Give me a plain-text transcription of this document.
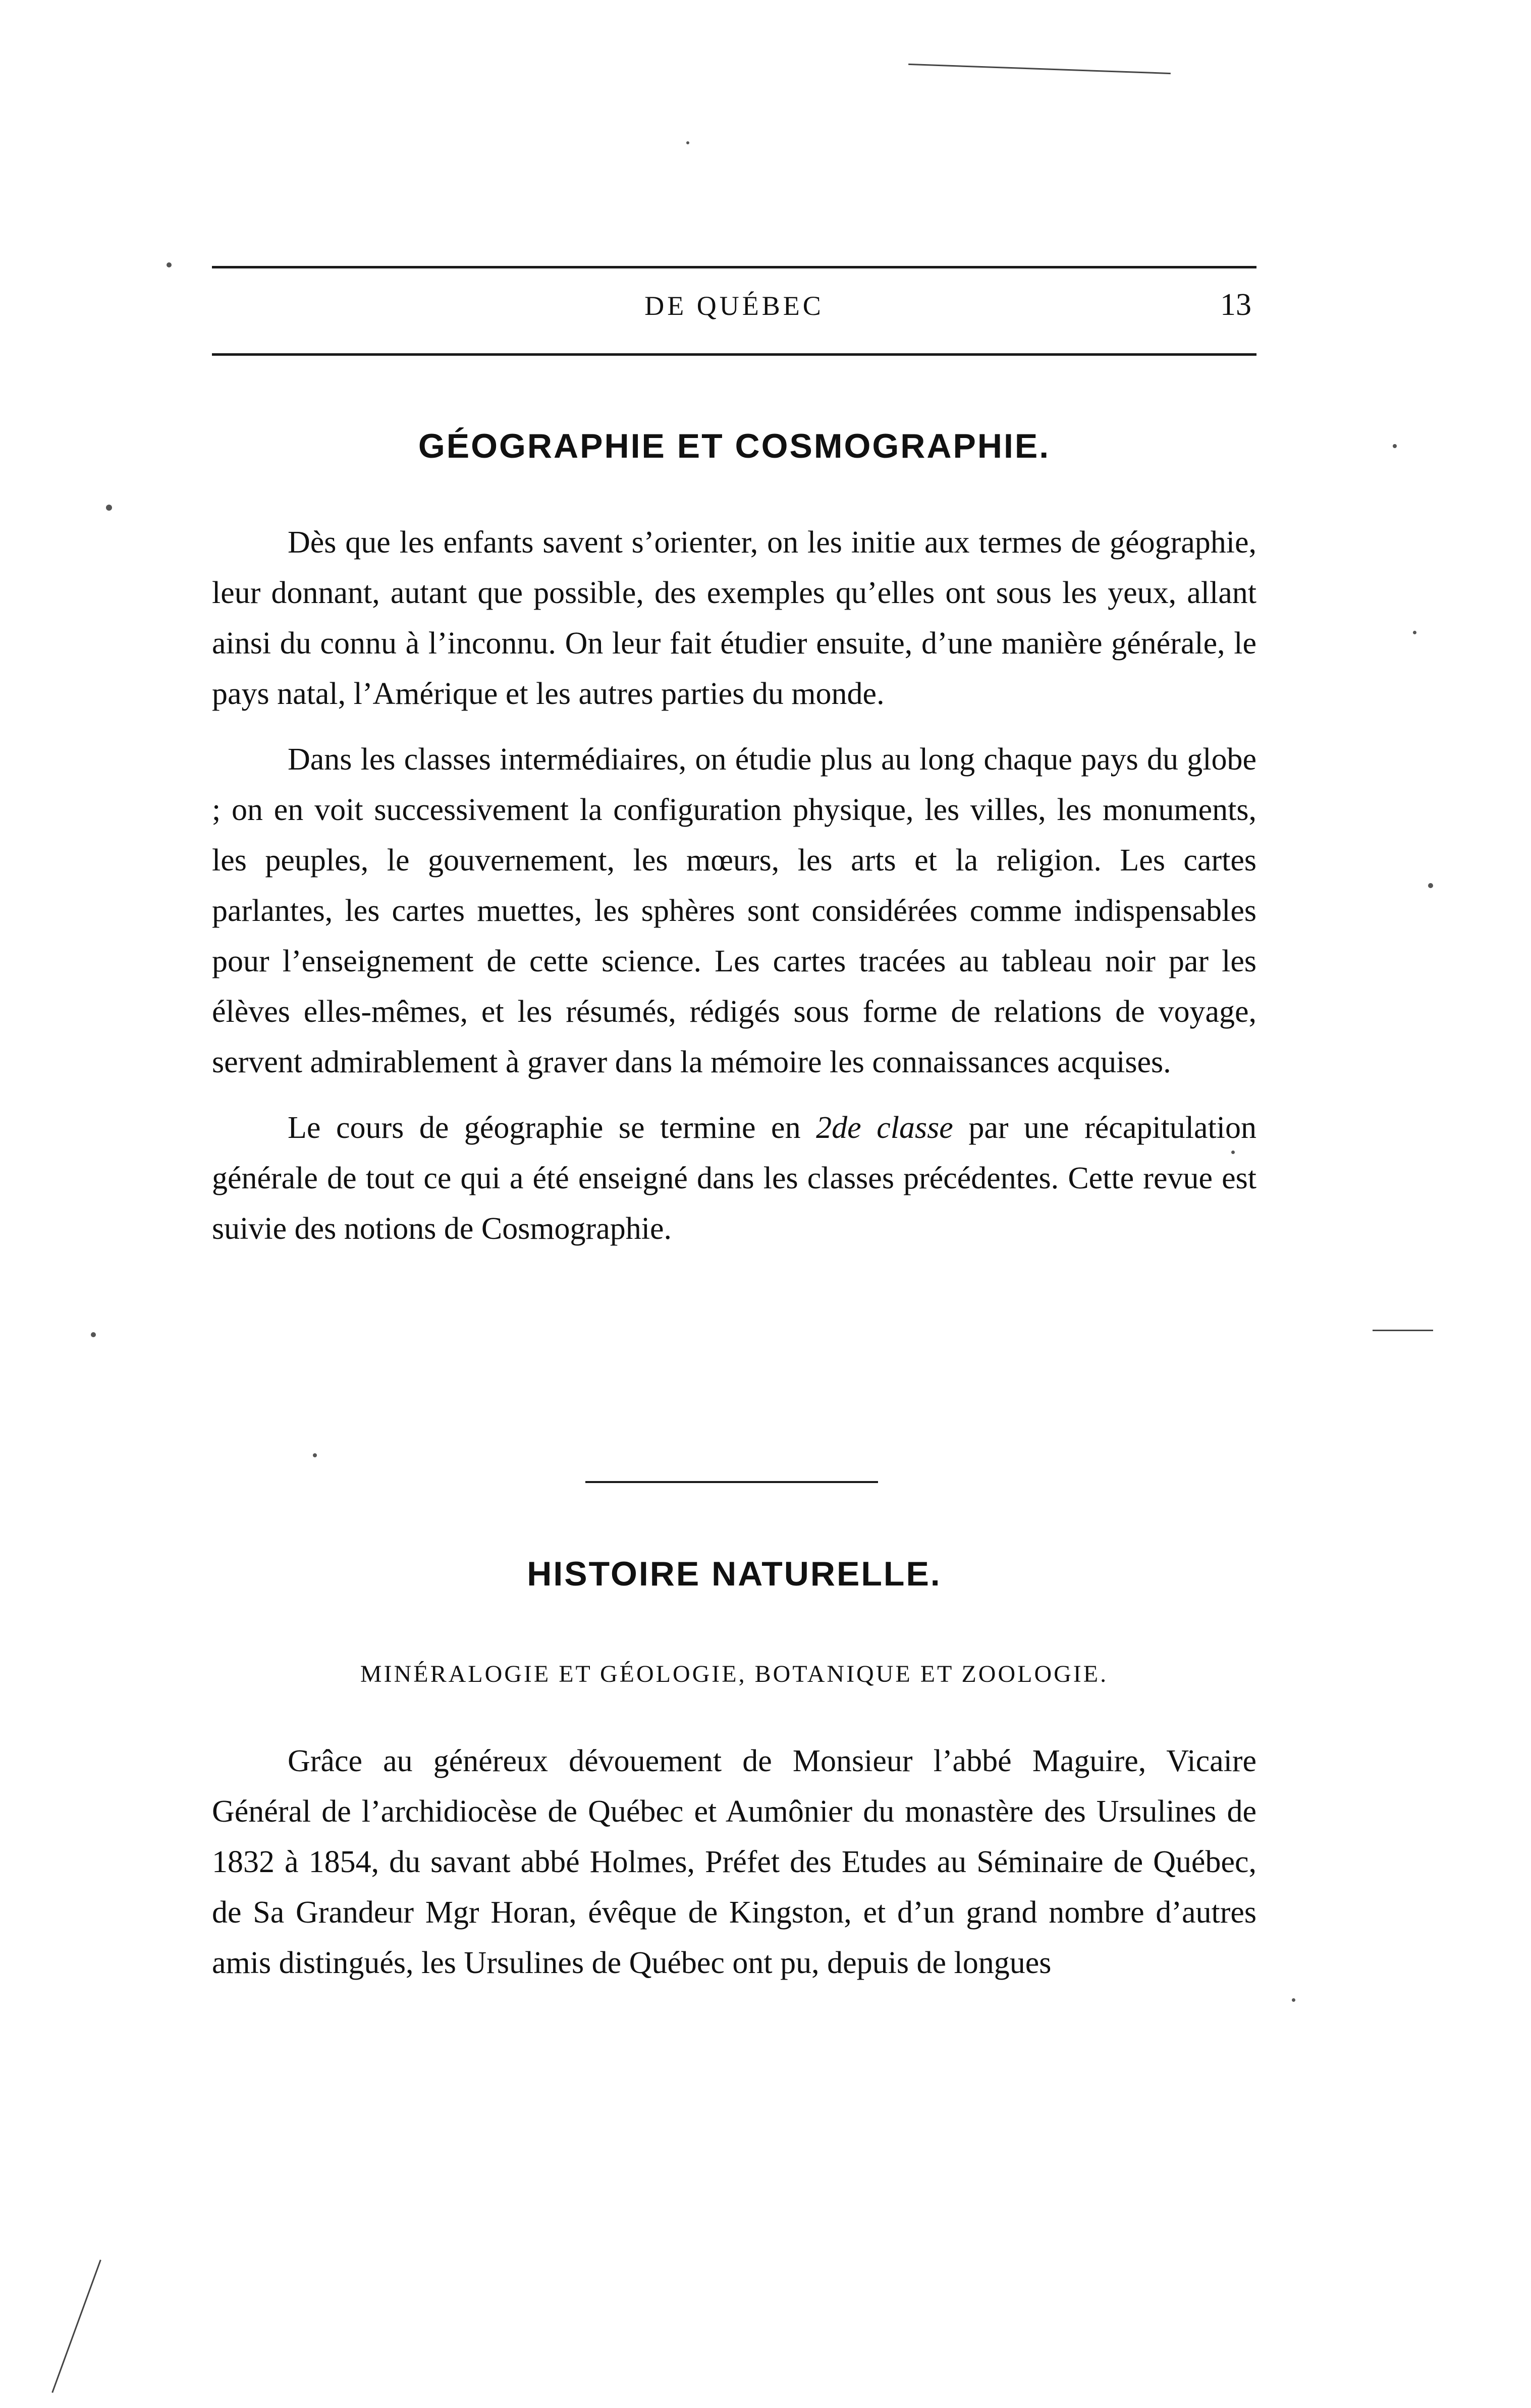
DE QUÉBEC	13
GÉOGRAPHIE ET COSMOGRAPHIE.

Dès que les enfants savent s’orienter, on les initie aux termes de géographie, leur donnant, autant que possible, des exemples qu’elles ont sous les yeux, allant ainsi du connu à l’inconnu. On leur fait étudier ensuite, d’une manière générale, le pays natal, l’Amérique et les autres parties du monde.

Dans les classes intermédiaires, on étudie plus au long chaque pays du globe ; on en voit successivement la configuration physique, les villes, les monuments, les peuples, le gouvernement, les mœurs, les arts et la religion. Les cartes parlantes, les cartes muettes, les sphères sont considérées comme indispensables pour l’enseignement de cette science. Les cartes tracées au tableau noir par les élèves elles-mêmes, et les résumés, rédigés sous forme de relations de voyage, servent admirablement à graver dans la mémoire les connaissances acquises.

Le cours de géographie se termine en 2de classe par une récapitulation générale de tout ce qui a été enseigné dans les classes précédentes. Cette revue est suivie des notions de Cosmographie.

HISTOIRE NATURELLE.
MINÉRALOGIE ET GÉOLOGIE, BOTANIQUE ET ZOOLOGIE.

Grâce au généreux dévouement de Monsieur l’abbé Maguire, Vicaire Général de l’archidiocèse de Québec et Aumônier du monastère des Ursulines de 1832 à 1854, du savant abbé Holmes, Préfet des Etudes au Séminaire de Québec, de Sa Grandeur Mgr Horan, évêque de Kingston, et d’un grand nombre d’autres amis distingués, les Ursulines de Québec ont pu, depuis de longues
